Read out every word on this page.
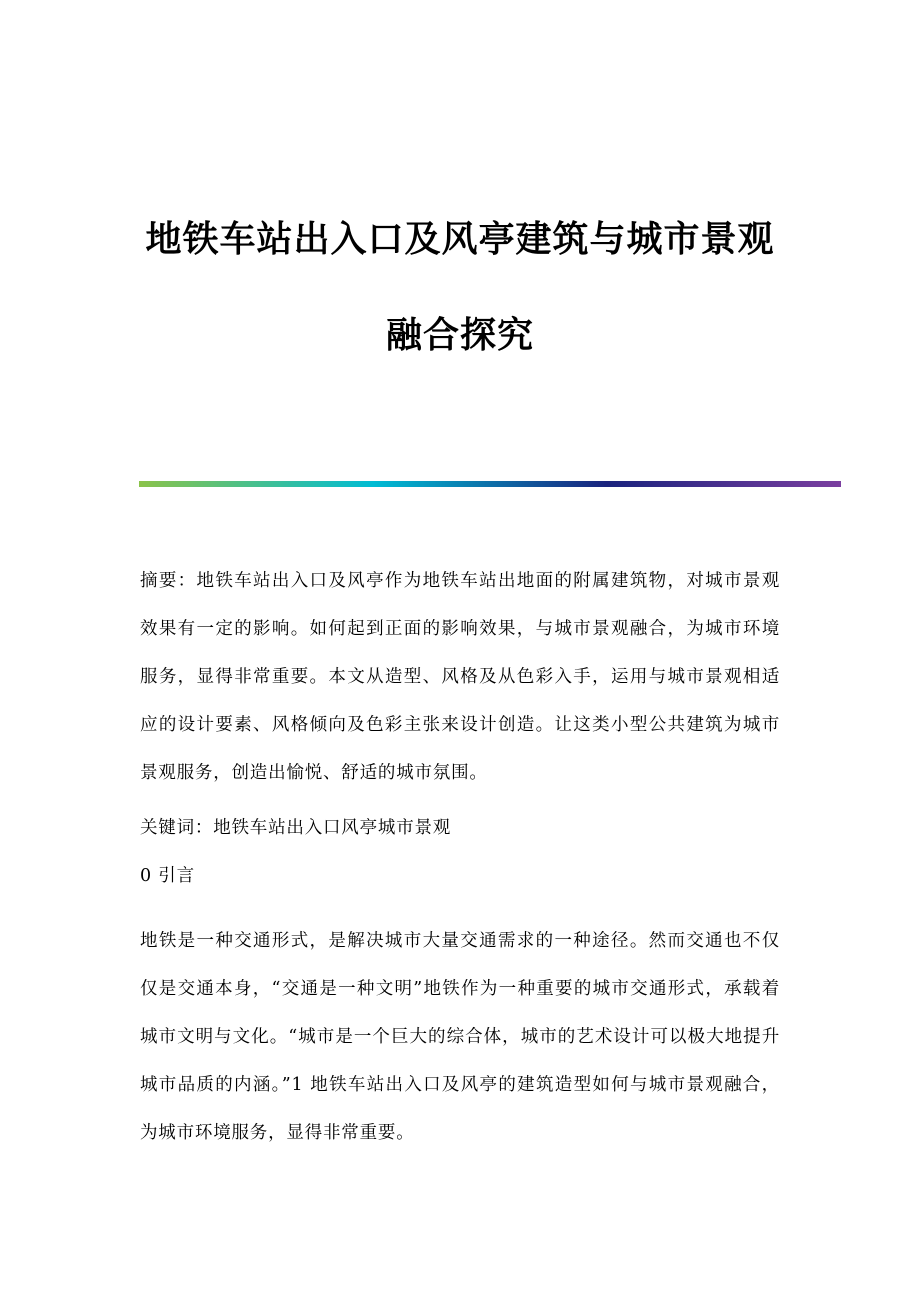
地铁车站出入口及风亭建筑与城市景观
融合探究
摘要：地铁车站出入口及风亭作为地铁车站出地面的附属建筑物，对城市景观效果有一定的影响。如何起到正面的影响效果，与城市景观融合，为城市环境服务，显得非常重要。本文从造型、风格及从色彩入手，运用与城市景观相适应的设计要素、风格倾向及色彩主张来设计创造。让这类小型公共建筑为城市景观服务，创造出愉悦、舒适的城市氛围。
关键词：地铁车站出入口风亭城市景观
0 引言
地铁是一种交通形式，是解决城市大量交通需求的一种途径。然而交通也不仅仅是交通本身，“交通是一种文明”地铁作为一种重要的城市交通形式，承载着城市文明与文化。“城市是一个巨大的综合体，城市的艺术设计可以极大地提升城市品质的内涵。”1 地铁车站出入口及风亭的建筑造型如何与城市景观融合，为城市环境服务，显得非常重要。
